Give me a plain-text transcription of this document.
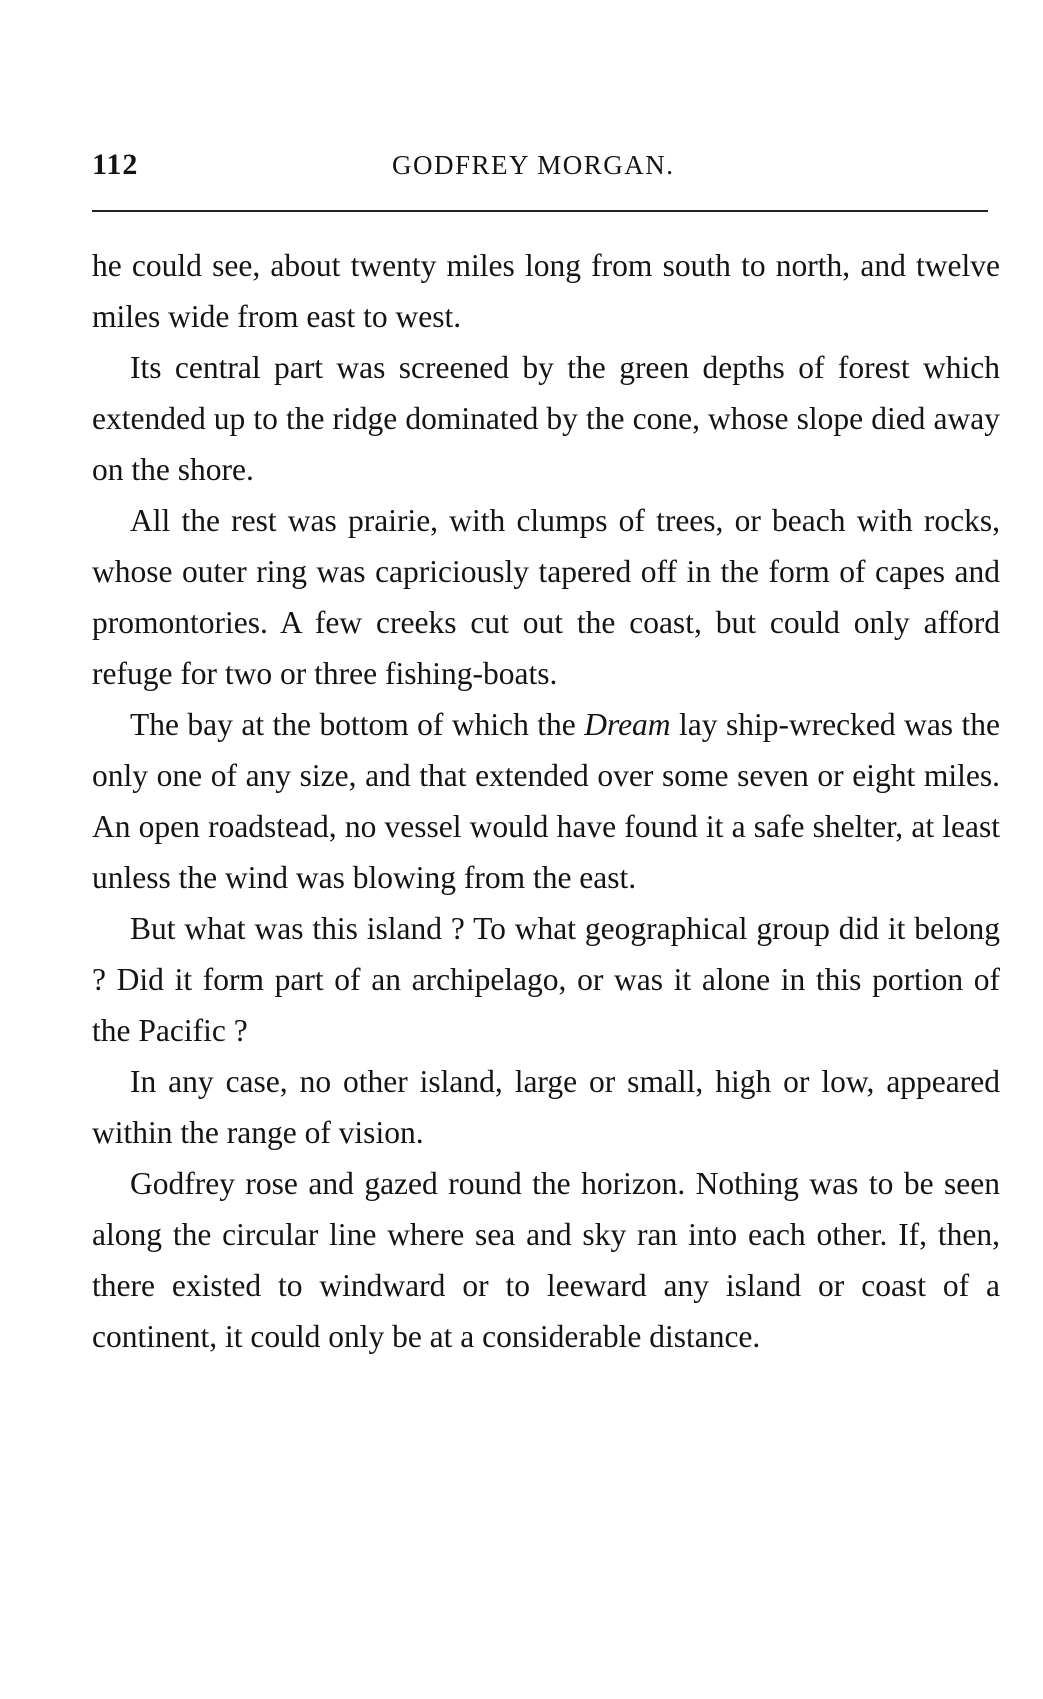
112	GODFREY MORGAN.

he could see, about twenty miles long from south to north, and twelve miles wide from east to west.

Its central part was screened by the green depths of forest which extended up to the ridge dominated by the cone, whose slope died away on the shore.

All the rest was prairie, with clumps of trees, or beach with rocks, whose outer ring was capriciously tapered off in the form of capes and promontories. A few creeks cut out the coast, but could only afford refuge for two or three fishing-boats.

The bay at the bottom of which the Dream lay ship-wrecked was the only one of any size, and that extended over some seven or eight miles. An open roadstead, no vessel would have found it a safe shelter, at least unless the wind was blowing from the east.

But what was this island ? To what geographical group did it belong ? Did it form part of an archipelago, or was it alone in this portion of the Pacific ?

In any case, no other island, large or small, high or low, appeared within the range of vision.

Godfrey rose and gazed round the horizon. Nothing was to be seen along the circular line where sea and sky ran into each other. If, then, there existed to windward or to leeward any island or coast of a continent, it could only be at a considerable distance.
